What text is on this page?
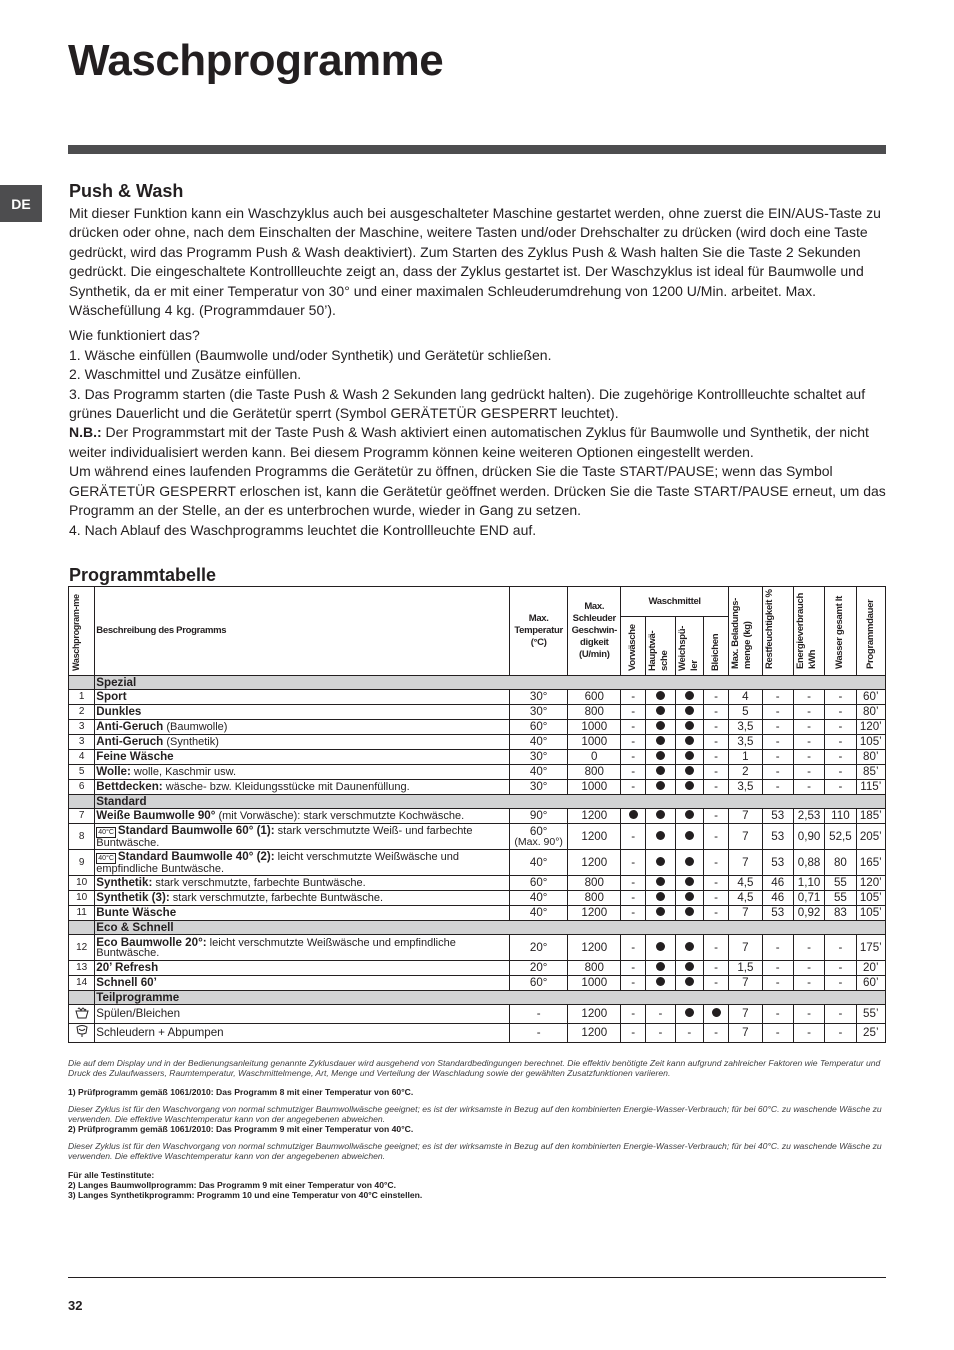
Waschprogramme
DE
Push & Wash

Mit dieser Funktion kann ein Waschzyklus auch bei ausgeschalteter Maschine gestartet werden, ohne zuerst die EIN/AUS-Taste zu drücken oder ohne, nach dem Einschalten der Maschine, weitere Tasten und/oder Drehschalter zu drücken (wird doch eine Taste gedrückt, wird das Programm Push & Wash deaktiviert). Zum Starten des Zyklus Push & Wash halten Sie die Taste 2 Sekunden gedrückt. Die eingeschaltete Kontrollleuchte zeigt an, dass der Zyklus gestartet ist. Der Waschzyklus ist ideal für Baumwolle und Synthetik, da er mit einer Temperatur von 30° und einer maximalen Schleuderumdrehung von 1200 U/Min. arbeitet. Max. Wäschefüllung 4 kg. (Programmdauer 50’).

Wie funktioniert das?
1. Wäsche einfüllen (Baumwolle und/oder Synthetik) und Gerätetür schließen.
2. Waschmittel und Zusätze einfüllen.
3. Das Programm starten (die Taste Push & Wash 2 Sekunden lang gedrückt halten). Die zugehörige Kontrollleuchte schaltet auf grünes Dauerlicht und die Gerätetür sperrt (Symbol GERÄTETÜR GESPERRT leuchtet).
N.B.: Der Programmstart mit der Taste Push & Wash aktiviert einen automatischen Zyklus für Baumwolle und Synthetik, der nicht weiter individualisiert werden kann. Bei diesem Programm können keine weiteren Optionen eingestellt werden.
Um während eines laufenden Programms die Gerätetür zu öffnen, drücken Sie die Taste START/PAUSE; wenn das Symbol GERÄTETÜR GESPERRT erloschen ist, kann die Gerätetür geöffnet werden. Drücken Sie die Taste START/PAUSE erneut, um das Programm an der Stelle, an der es unterbrochen wurde, wieder in Gang zu setzen.
4. Nach Ablauf des Waschprogramms leuchtet die Kontrollleuchte END auf.
Programmtabelle
Waschprogram-me	Beschreibung des Programms	Max. Temperatur (°C)	Max. Schleuder Geschwin-digkeit (U/min)	Waschmittel				Max. Beladungs-menge (kg)	Restfeuchtigkeit %	Energieverbrauch kWh	Wasser gesamt lt	Programmdauer
				Vorwäsche	Hauptwä-sche	Weichspü-ler	Bleichen					
	Spezial											
1	Sport	30°	600	-			-	4	-	-	-	60’
2	Dunkles	30°	800	-			-	5	-	-	-	80’
3	Anti-Geruch (Baumwolle)	60°	1000	-			-	3,5	-	-	-	120’
3	Anti-Geruch (Synthetik)	40°	1000	-			-	3,5	-	-	-	105’
4	Feine Wäsche	30°	0	-			-	1	-	-	-	80’
5	Wolle: wolle, Kaschmir usw.	40°	800	-			-	2	-	-	-	85’
6	Bettdecken: wäsche- bzw. Kleidungsstücke mit Daunenfüllung.	30°	1000	-			-	3,5	-	-	-	115’
	Standard											
7	Weiße Baumwolle 90° (mit Vorwäsche): stark verschmutzte Kochwäsche.	90°	1200				-	7	53	2,53	110	185’
8	40°C Standard Baumwolle 60° (1): stark verschmutzte Weiß- und farbechte Buntwäsche.	60°
(Max. 90°)	1200	-			-	7	53	0,90	52,5	205’
9	40°C Standard Baumwolle 40° (2): leicht verschmutzte Weißwäsche und empfindliche Buntwäsche.	40°	1200	-			-	7	53	0,88	80	165’
10	Synthetik: stark verschmutzte, farbechte Buntwäsche.	60°	800	-			-	4,5	46	1,10	55	120’
10	Synthetik (3): stark verschmutzte, farbechte Buntwäsche.	40°	800	-			-	4,5	46	0,71	55	105’
11	Bunte Wäsche	40°	1200	-			-	7	53	0,92	83	105’
	Eco & Schnell											
12	Eco Baumwolle 20°: leicht verschmutzte Weißwäsche und empfindliche Buntwäsche.	20°	1200	-			-	7	-	-	-	175’
13	20’ Refresh	20°	800	-			-	1,5	-	-	-	20’
14	Schnell 60’	60°	1000	-			-	7	-	-	-	60’
	Teilprogramme											
	Spülen/Bleichen	-	1200	-	-			7	-	-	-	55’
	Schleudern + Abpumpen	-	1200	-	-	-	-	7	-	-	-	25’
Die auf dem Display und in der Bedienungsanleitung genannte Zyklusdauer wird ausgehend von Standardbedingungen berechnet. Die effektiv benötigte Zeit kann aufgrund zahlreicher Faktoren wie Temperatur und Druck des Zulaufwassers, Raumtemperatur, Waschmittelmenge, Art, Menge und Verteilung der Waschladung sowie der gewählten Zusatzfunktionen variieren.
1) Prüfprogramm gemäß 1061/2010: Das Programm 8 mit einer Temperatur von 60°C.
Dieser Zyklus ist für den Waschvorgang von normal schmutziger Baumwollwäsche geeignet; es ist der wirksamste in Bezug auf den kombinierten Energie-Wasser-Verbrauch; für bei 60°C. zu waschende Wäsche zu verwenden. Die effektive Waschtemperatur kann von der angegebenen abweichen.
2) Prüfprogramm gemäß 1061/2010: Das Programm 9 mit einer Temperatur von 40°C.
Dieser Zyklus ist für den Waschvorgang von normal schmutziger Baumwollwäsche geeignet; es ist der wirksamste in Bezug auf den kombinierten Energie-Wasser-Verbrauch; für bei 40°C. zu waschende Wäsche zu verwenden. Die effektive Waschtemperatur kann von der angegebenen abweichen.
Für alle Testinstitute:
2) Langes Baumwollprogramm: Das Programm 9 mit einer Temperatur von 40°C.
3) Langes Synthetikprogramm: Programm 10 und eine Temperatur von 40°C einstellen.
32
